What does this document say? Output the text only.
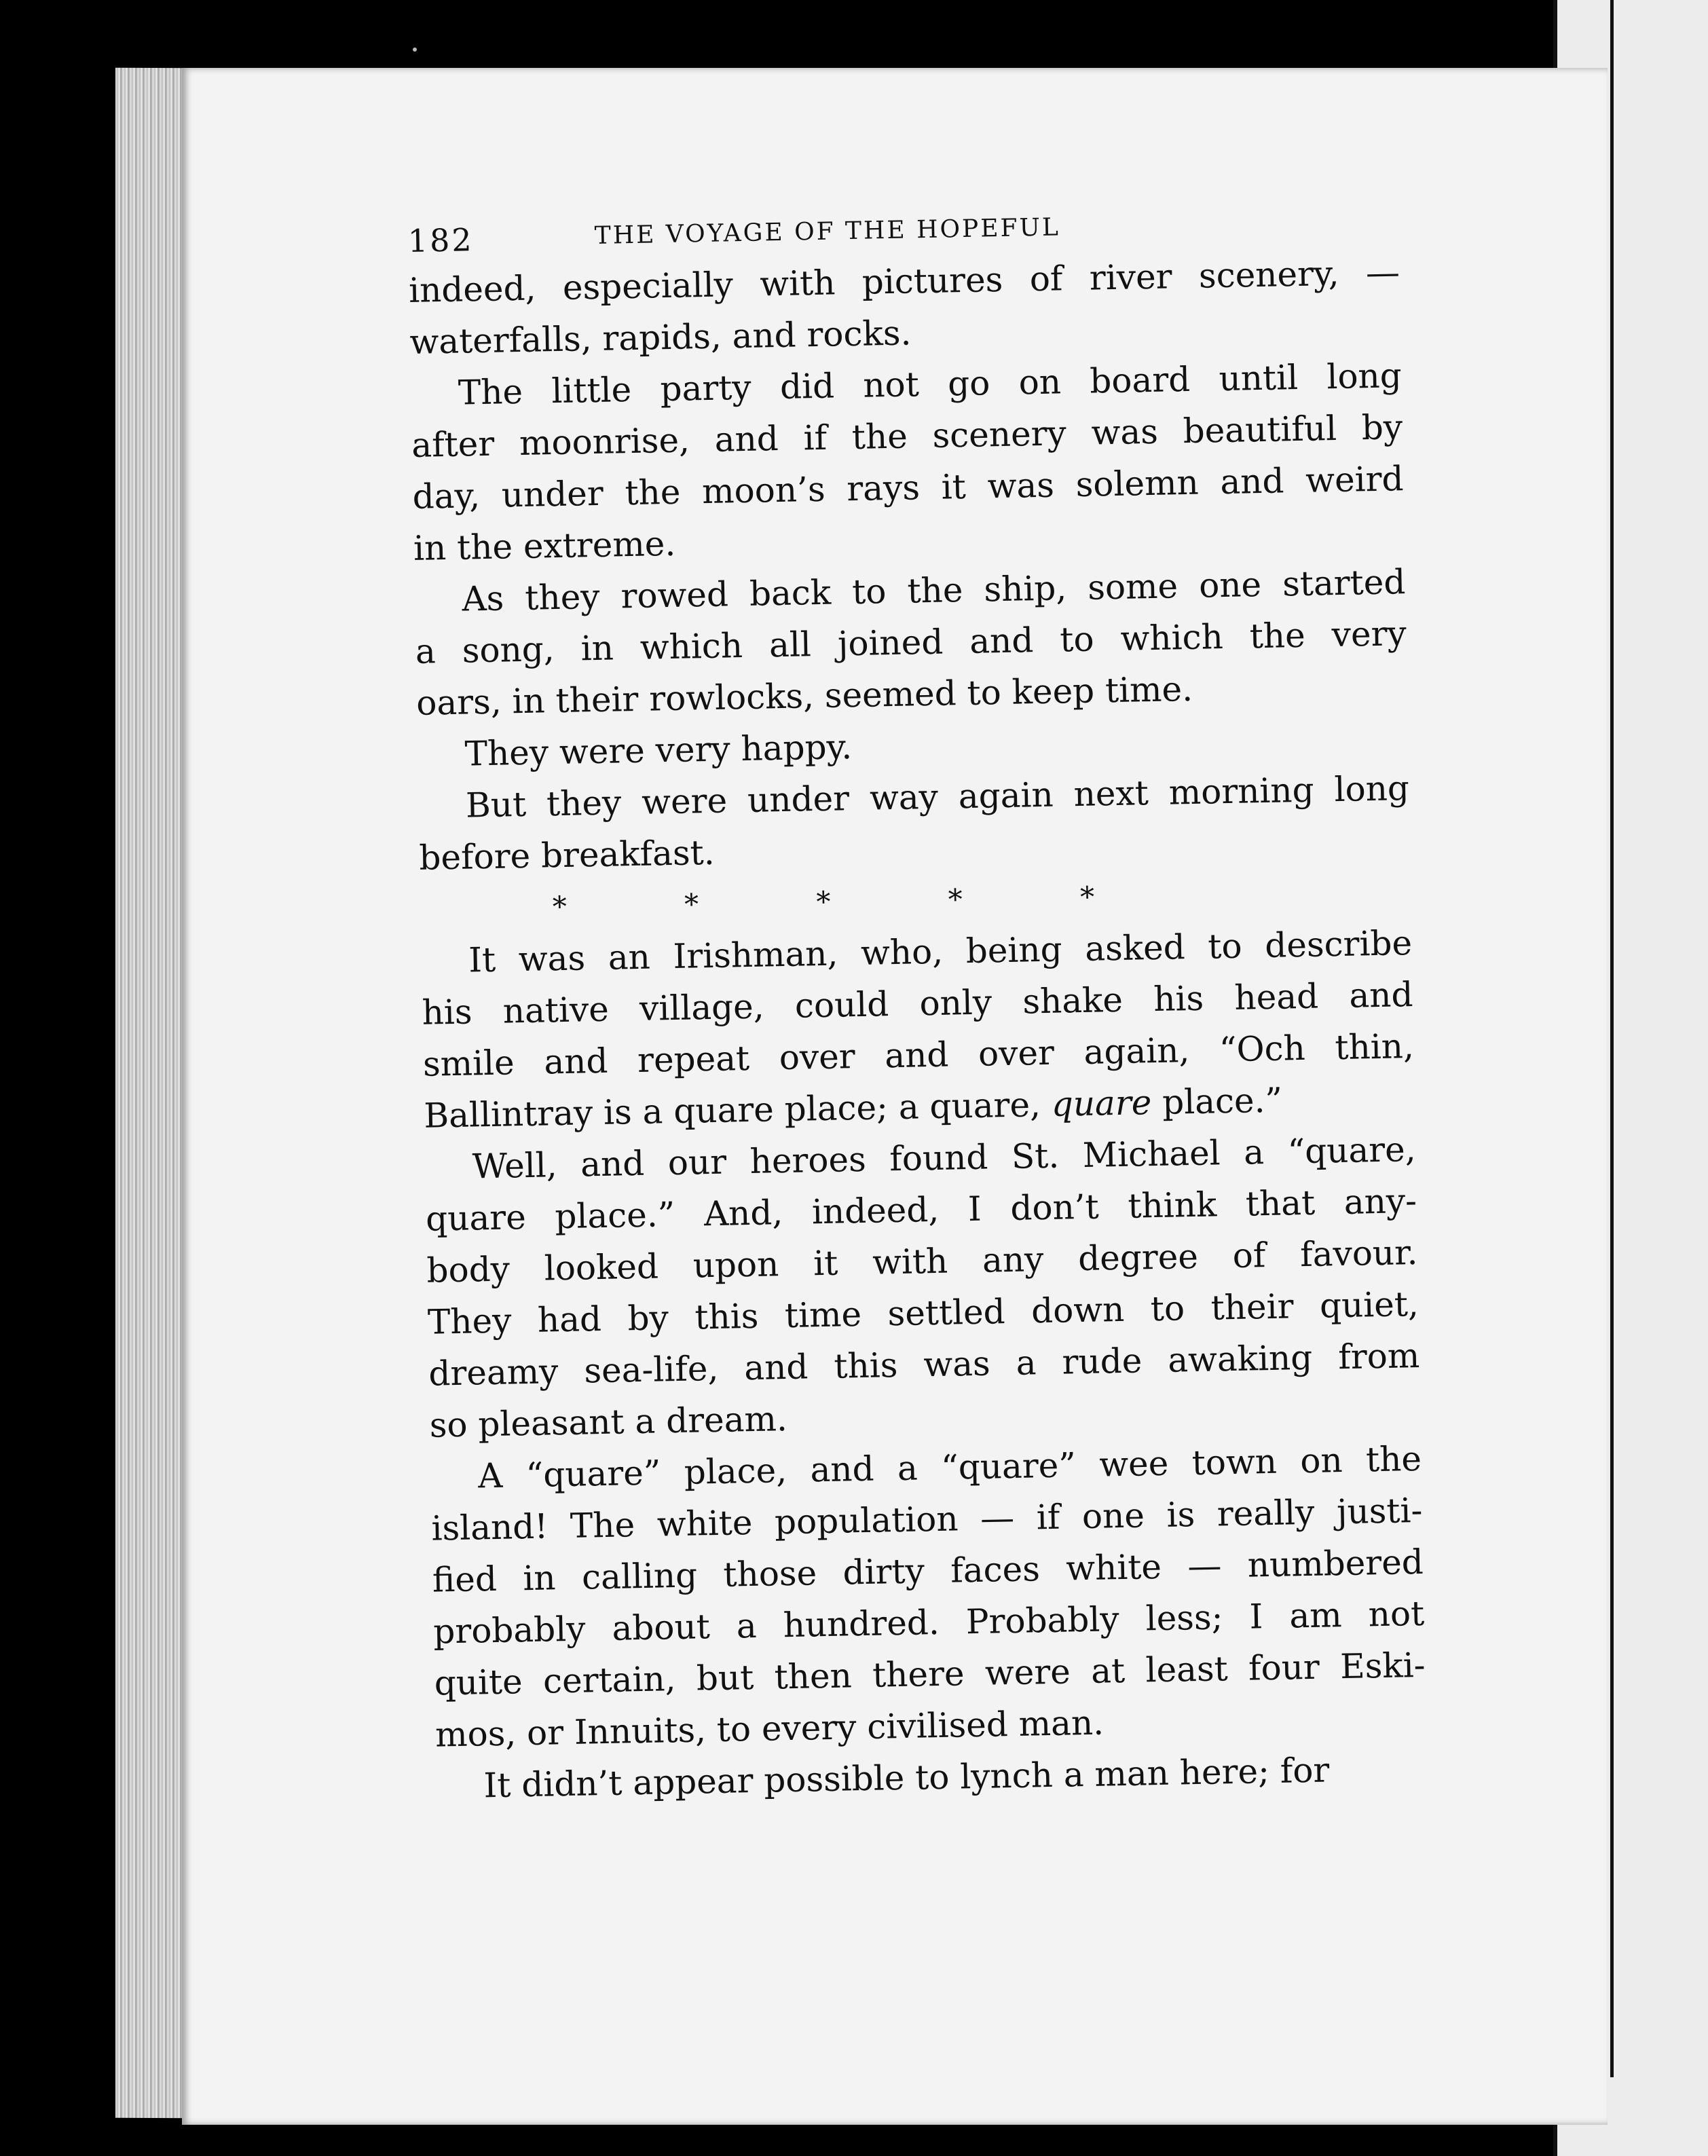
182	THE VOYAGE OF THE HOPEFUL

indeed, especially with pictures of river scenery, —
waterfalls, rapids, and rocks.

The little party did not go on board until long
after moonrise, and if the scenery was beautiful by
day, under the moon’s rays it was solemn and weird
in the extreme.

As they rowed back to the ship, some one started
a song, in which all joined and to which the very
oars, in their rowlocks, seemed to keep time.

They were very happy.

But they were under way again next morning long
before breakfast.

* * * * *

It was an Irishman, who, being asked to describe
his native village, could only shake his head and
smile and repeat over and over again, “Och thin,
Ballintray is a quare place; a quare, quare place.”

Well, and our heroes found St. Michael a “quare,
quare place.” And, indeed, I don’t think that any-
body looked upon it with any degree of favour.
They had by this time settled down to their quiet,
dreamy sea-life, and this was a rude awaking from
so pleasant a dream.

A “quare” place, and a “quare” wee town on the
island! The white population — if one is really justi-
fied in calling those dirty faces white — numbered
probably about a hundred. Probably less; I am not
quite certain, but then there were at least four Eski-
mos, or Innuits, to every civilised man.

It didn’t appear possible to lynch a man here; for
